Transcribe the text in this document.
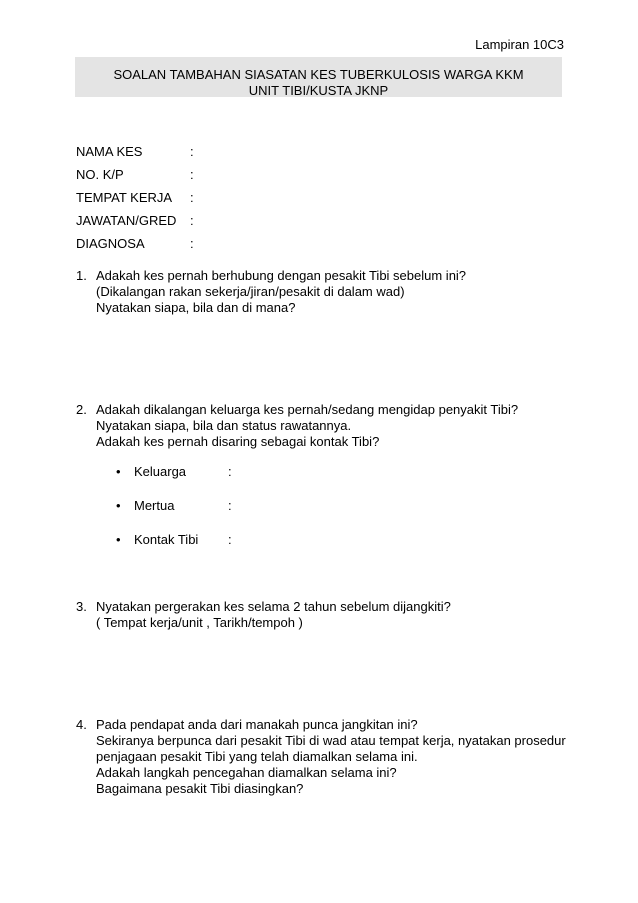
Lampiran 10C3
SOALAN TAMBAHAN SIASATAN KES TUBERKULOSIS WARGA KKM
UNIT TIBI/KUSTA JKNP
NAMA KES	:
NO. K/P	:
TEMPAT KERJA :
JAWATAN/GRED :
DIAGNOSA	:
1. Adakah kes pernah berhubung dengan pesakit Tibi sebelum ini?
(Dikalangan rakan sekerja/jiran/pesakit di dalam wad)
Nyatakan siapa, bila dan di mana?
2. Adakah dikalangan keluarga kes pernah/sedang mengidap penyakit Tibi?
Nyatakan siapa, bila dan status rawatannya.
Adakah kes pernah disaring sebagai kontak Tibi?
• Keluarga	:
• Mertua	:
• Kontak Tibi :
3. Nyatakan pergerakan kes selama 2 tahun sebelum dijangkiti?
( Tempat kerja/unit , Tarikh/tempoh )
4. Pada pendapat anda dari manakah punca jangkitan ini?
Sekiranya berpunca dari pesakit Tibi di wad atau tempat kerja, nyatakan prosedur
penjagaan pesakit Tibi yang telah diamalkan selama ini.
Adakah langkah pencegahan diamalkan selama ini?
Bagaimana pesakit Tibi diasingkan?
